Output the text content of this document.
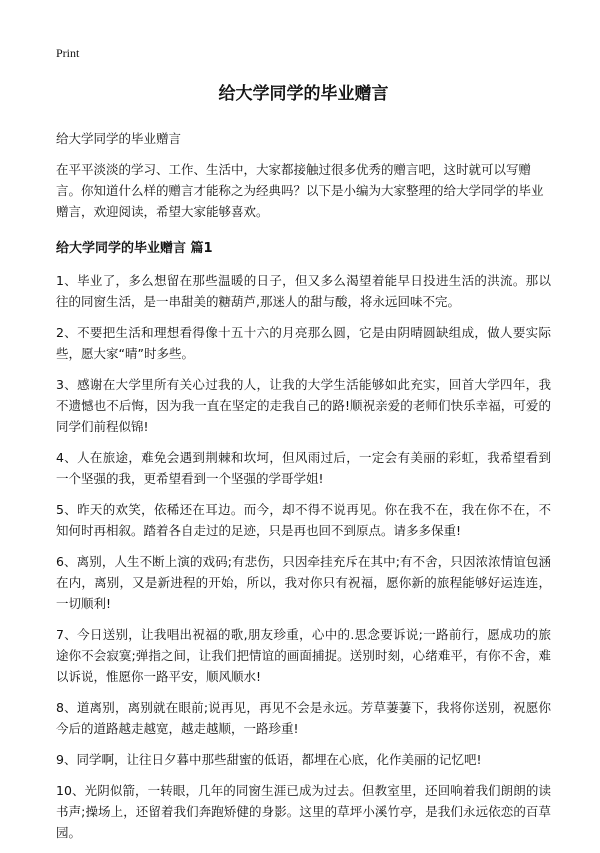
Print
给大学同学的毕业赠言

给大学同学的毕业赠言

在平平淡淡的学习、工作、生活中，大家都接触过很多优秀的赠言吧，这时就可以写赠言。你知道什么样的赠言才能称之为经典吗？以下是小编为大家整理的给大学同学的毕业赠言，欢迎阅读，希望大家能够喜欢。

给大学同学的毕业赠言 篇1

1、毕业了，多么想留在那些温暖的日子，但又多么渴望着能早日投进生活的洪流。那以往的同窗生活，是一串甜美的糖葫芦,那迷人的甜与酸，将永远回味不完。

2、不要把生活和理想看得像十五十六的月亮那么圆，它是由阴晴圆缺组成，做人要实际些，愿大家“晴”时多些。

3、感谢在大学里所有关心过我的人，让我的大学生活能够如此充实，回首大学四年，我不遗憾也不后悔，因为我一直在坚定的走我自己的路!顺祝亲爱的老师们快乐幸福，可爱的同学们前程似锦!

4、人在旅途，难免会遇到荆棘和坎坷，但风雨过后，一定会有美丽的彩虹，我希望看到一个坚强的我，更希望看到一个坚强的学哥学姐!

5、昨天的欢笑，依稀还在耳边。而今，却不得不说再见。你在我不在，我在你不在，不知何时再相叙。踏着各自走过的足迹，只是再也回不到原点。请多多保重!

6、离别，人生不断上演的戏码;有悲伤，只因牵挂充斥在其中;有不舍，只因浓浓情谊包涵在内，离别，又是新进程的开始，所以，我对你只有祝福，愿你新的旅程能够好运连连，一切顺利!

7、今日送别，让我唱出祝福的歌,朋友珍重，心中的.思念要诉说;一路前行，愿成功的旅途你不会寂寞;弹指之间，让我们把情谊的画面捕捉。送别时刻，心绪难平，有你不舍，难以诉说，惟愿你一路平安，顺风顺水!

8、道离别，离别就在眼前;说再见，再见不会是永远。芳草萋萋下，我将你送别，祝愿你今后的道路越走越宽，越走越顺，一路珍重!

9、同学啊，让往日夕暮中那些甜蜜的低语，都埋在心底，化作美丽的记忆吧!

10、光阴似箭，一转眼，几年的同窗生涯已成为过去。但教室里，还回响着我们朗朗的读书声;操场上，还留着我们奔跑矫健的身影。这里的草坪小溪竹亭，是我们永远依恋的百草园。
